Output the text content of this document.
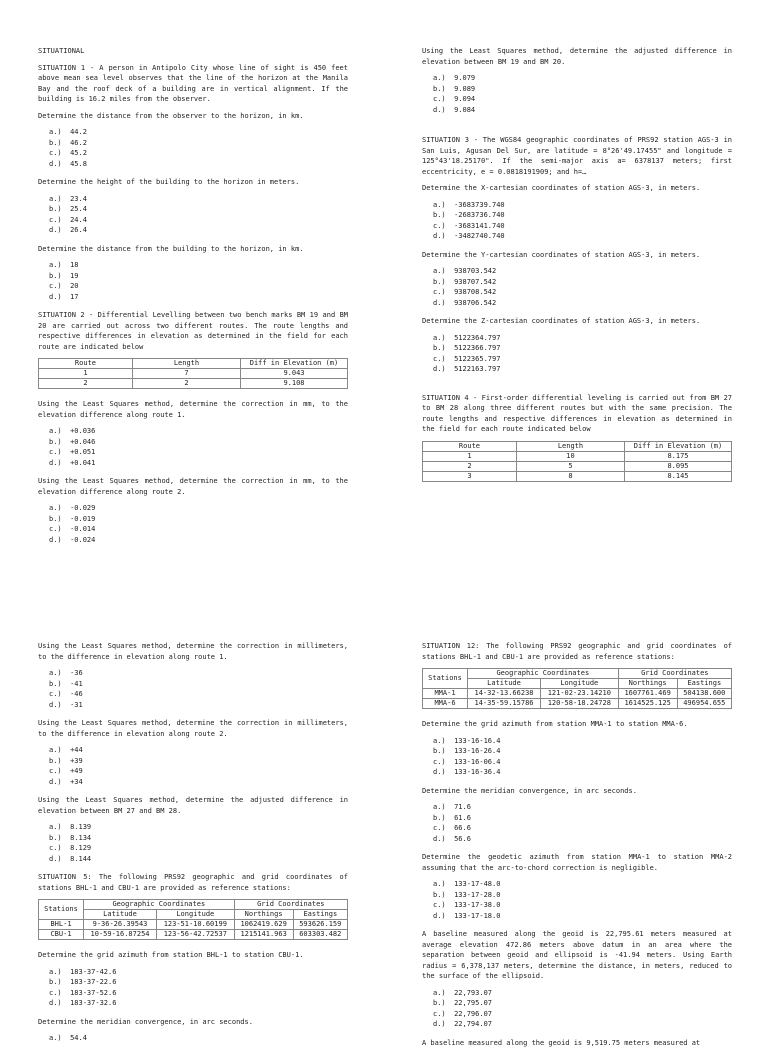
SITUATIONAL
SITUATION 1 - A person in Antipolo City whose line of sight is 450 feet above mean sea level observes that the line of the horizon at the Manila Bay and the roof deck of a building are in vertical alignment. If the building is 16.2 miles from the observer.
Determine the distance from the observer to the horizon, in km.
a.)  44.2
b.)  46.2
c.)  45.2
d.)  45.8
Determine the height of the building to the horizon in meters.
a.)  23.4
b.)  25.4
c.)  24.4
d.)  26.4
Determine the distance from the building to the horizon, in km.
a.)  18
b.)  19
c.)  20
d.)  17
SITUATION 2 - Differential Levelling between two bench marks BM 19 and BM 20 are carried out across two different routes. The route lengths and respective differences in elevation as determined in the field for each route are indicated below
Route	Length	Diff in Elevation (m)
1	7	9.043
2	2	9.108
Using the Least Squares method, determine the correction in mm, to the elevation difference along route 1.
a.)  +0.036
b.)  +0.046
c.)  +0.051
d.)  +0.041
Using the Least Squares method, determine the correction in mm, to the elevation difference along route 2.
a.)  -0.029
b.)  -0.019
c.)  -0.014
d.)  -0.024
Using the Least Squares method, determine the adjusted difference in elevation between BM 19 and BM 20.
a.)  9.079
b.)  9.089
c.)  9.094
d.)  9.084
SITUATION 3 - The WGS84 geographic coordinates of PRS92 station AGS-3 in San Luis, Agusan Del Sur, are latitude = 8°26'49.17455" and longitude = 125°43'18.25170". If the semi-major axis a= 6378137 meters; first eccentricity, e = 0.0818191909; and h=…
Determine the X-cartesian coordinates of station AGS-3, in meters.
a.)  -3683739.740
b.)  -2683736.740
c.)  -3683141.740
d.)  -3482740.740
Determine the Y-cartesian coordinates of station AGS-3, in meters.
a.)  938703.542
b.)  938707.542
c.)  938708.542
d.)  938706.542
Determine the Z-cartesian coordinates of station AGS-3, in meters.
a.)  5122364.797
b.)  5122366.797
c.)  5122365.797
d.)  5122163.797
SITUATION 4 - First-order differential leveling is carried out from BM 27 to BM 28 along three different routes but with the same precision. The route lengths and respective differences in elevation as determined in the field for each route indicated below
Route	Length	Diff in Elevation (m)
1	10	8.175
2	5	8.095
3	8	8.145
Using the Least Squares method, determine the correction in millimeters, to the difference in elevation along route 1.
a.)  -36
b.)  -41
c.)  -46
d.)  -31
Using the Least Squares method, determine the correction in millimeters, to the difference in elevation along route 2.
a.)  +44
b.)  +39
c.)  +49
d.)  +34
Using the Least Squares method, determine the adjusted difference in elevation between BM 27 and BM 28.
a.)  8.139
b.)  8.134
c.)  8.129
d.)  8.144
SITUATION 5: The following PRS92 geographic and grid coordinates of stations BHL-1 and CBU-1 are provided as reference stations:
Stations	Geographic Coordinates		Grid Coordinates	
	Latitude	Longitude	Northings	Eastings
BHL-1	9-36-26.39543	123-51-10.60199	1062419.629	593626.159
CBU-1	10-59-16.87254	123-56-42.72537	1215141.963	603303.482
Determine the grid azimuth from station BHL-1 to station CBU-1.
a.)  183-37-42.6
b.)  183-37-22.6
c.)  183-37-52.6
d.)  183-37-32.6
Determine the meridian convergence, in arc seconds.
a.)  54.4
SITUATION 12: The following PRS92 geographic and grid coordinates of stations BHL-1 and CBU-1 are provided as reference stations:
Stations	Geographic Coordinates		Grid Coordinates	
	Latitude	Longitude	Northings	Eastings
MMA-1	14-32-13.66238	121-02-23.14210	1607761.469	504138.600
MMA-6	14-35-59.15786	120-58-18.24728	1614525.125	496954.655
Determine the grid azimuth from station MMA-1 to station MMA-6.
a.)  133-16-16.4
b.)  133-16-26.4
c.)  133-16-06.4
d.)  133-16-36.4
Determine the meridian convergence, in arc seconds.
a.)  71.6
b.)  61.6
c.)  66.6
d.)  56.6
Determine the geodetic azimuth from station MMA-1 to station MMA-2 assuming that the arc-to-chord correction is negligible.
a.)  133-17-48.0
b.)  133-17-28.0
c.)  133-17-38.0
d.)  133-17-18.0
A baseline measured along the geoid is 22,795.61 meters measured at average elevation 472.86 meters above datum in an area where the separation between geoid and ellipsoid is -41.94 meters. Using Earth radius = 6,378,137 meters, determine the distance, in meters, reduced to the surface of the ellipsoid.
a.)  22,793.07
b.)  22,795.07
c.)  22,796.07
d.)  22,794.07
A baseline measured along the geoid is 9,519.75 meters measured at
